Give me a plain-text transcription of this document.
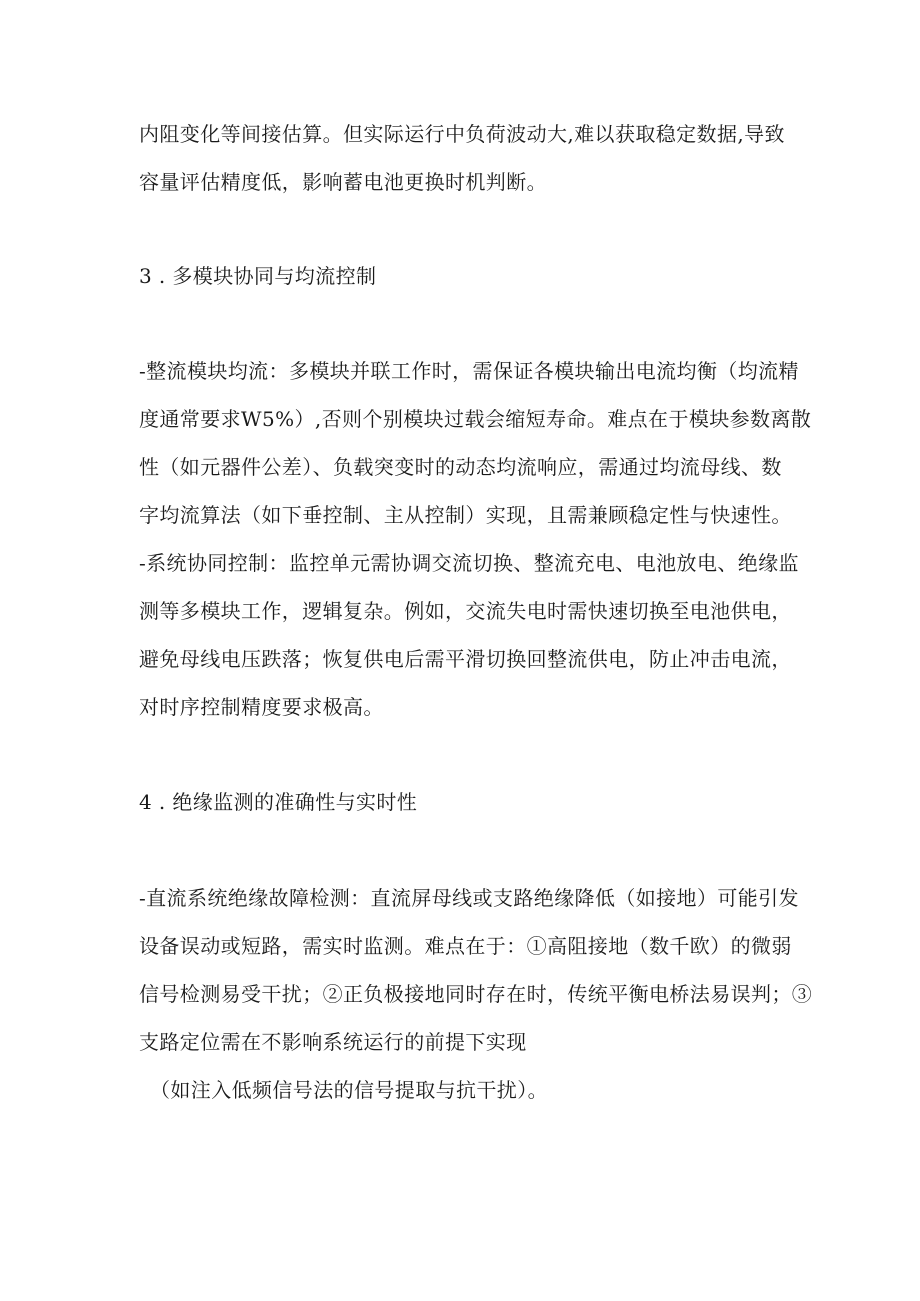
内阻变化等间接估算。但实际运行中负荷波动大,难以获取稳定数据,导致
容量评估精度低，影响蓄电池更换时机判断。
3 . 多模块协同与均流控制
-整流模块均流：多模块并联工作时，需保证各模块输出电流均衡（均流精
度通常要求W5%）,否则个别模块过载会缩短寿命。难点在于模块参数离散
性（如元器件公差）、负载突变时的动态均流响应，需通过均流母线、数
字均流算法（如下垂控制、主从控制）实现，且需兼顾稳定性与快速性。
-系统协同控制：监控单元需协调交流切换、整流充电、电池放电、绝缘监
测等多模块工作，逻辑复杂。例如，交流失电时需快速切换至电池供电，
避免母线电压跌落；恢复供电后需平滑切换回整流供电，防止冲击电流，
对时序控制精度要求极高。
4 . 绝缘监测的准确性与实时性
-直流系统绝缘故障检测：直流屏母线或支路绝缘降低（如接地）可能引发
设备误动或短路，需实时监测。难点在于：①高阻接地（数千欧）的微弱
信号检测易受干扰；②正负极接地同时存在时，传统平衡电桥法易误判；③
支路定位需在不影响系统运行的前提下实现
（如注入低频信号法的信号提取与抗干扰）。
